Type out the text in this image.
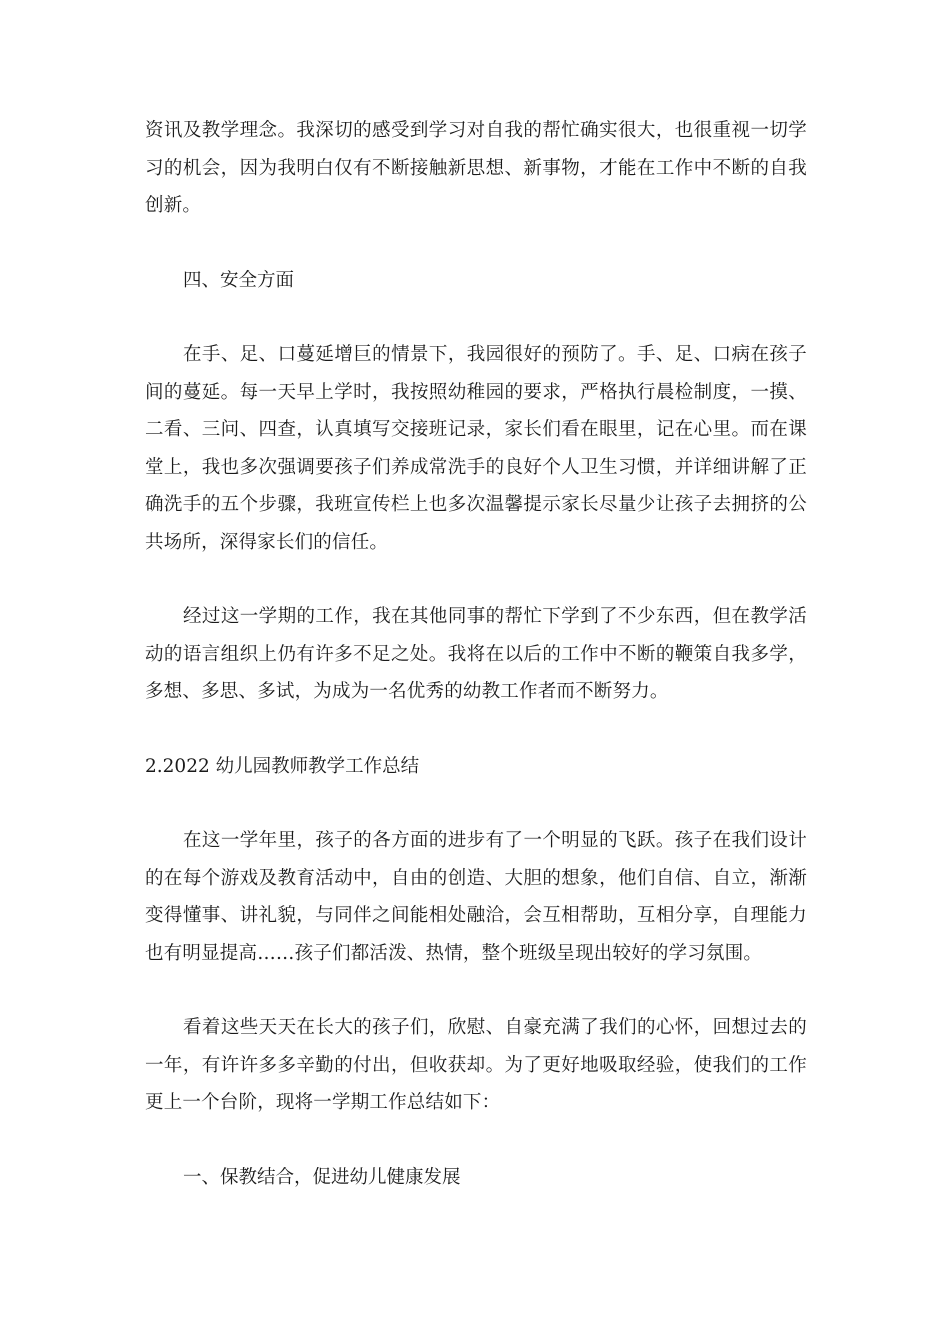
资讯及教学理念。我深切的感受到学习对自我的帮忙确实很大，也很重视一切学习的机会，因为我明白仅有不断接触新思想、新事物，才能在工作中不断的自我创新。

四、安全方面

在手、足、口蔓延增巨的情景下，我园很好的预防了。手、足、口病在孩子间的蔓延。每一天早上学时，我按照幼稚园的要求，严格执行晨检制度，一摸、二看、三问、四查，认真填写交接班记录，家长们看在眼里，记在心里。而在课堂上，我也多次强调要孩子们养成常洗手的良好个人卫生习惯，并详细讲解了正确洗手的五个步骤，我班宣传栏上也多次温馨提示家长尽量少让孩子去拥挤的公共场所，深得家长们的信任。

经过这一学期的工作，我在其他同事的帮忙下学到了不少东西，但在教学活动的语言组织上仍有许多不足之处。我将在以后的工作中不断的鞭策自我多学，多想、多思、多试，为成为一名优秀的幼教工作者而不断努力。

2.2022 幼儿园教师教学工作总结

在这一学年里，孩子的各方面的进步有了一个明显的飞跃。孩子在我们设计的在每个游戏及教育活动中，自由的创造、大胆的想象，他们自信、自立，渐渐变得懂事、讲礼貌，与同伴之间能相处融洽，会互相帮助，互相分享，自理能力也有明显提高……孩子们都活泼、热情，整个班级呈现出较好的学习氛围。

看着这些天天在长大的孩子们，欣慰、自豪充满了我们的心怀，回想过去的一年，有许许多多辛勤的付出，但收获却。为了更好地吸取经验，使我们的工作更上一个台阶，现将一学期工作总结如下：

一、保教结合，促进幼儿健康发展
